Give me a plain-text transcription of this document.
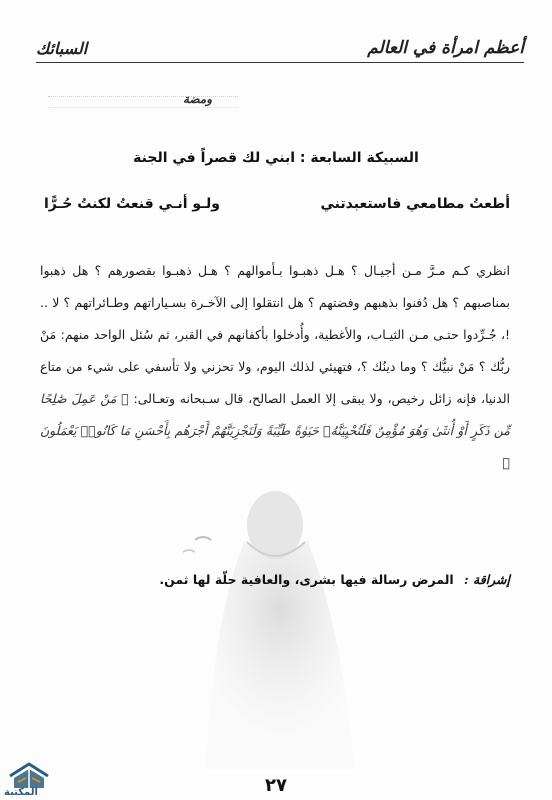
أعظم امرأة في العالم
السبائك
ومضة
السبيكة السابعة : ابني لك قصراً في الجنة
أطعتُ مطامعي فاستعبدتني
ولـو أنـي قنعتُ لكنتُ حُـرًّا
انظري كـم مـرَّ مـن أجيـال ؟ هـل ذهبـوا بـأموالهم ؟ هـل ذهبـوا بقصورهم ؟ هل ذهبوا بمناصبهم ؟ هل دُفنوا بذهبهم وفضتهم ؟ هل انتقلوا إلى الآخـرة بسـياراتهم وطـائراتهم ؟ لا .. !، جُـرِّدوا حتـى مـن الثيـاب، والأغطية، وأُدخلوا بأكفانهم في القبر، ثم سُئل الواحد منهم: مَنْ ربُّك ؟ مَنْ نبيُّك ؟ وما دينُك ؟، فتهيئي لذلك اليوم، ولا تحزني ولا تأسفي على شيء من متاع الدنيا، فإنه زائل رخيص، ولا يبقى إلا العمل الصالح، قال سـبحانه وتعـالى: ﴿ مَنْ عَمِلَ صَٰلِحًا مِّن ذَكَرٍ أَوْ أُنثَىٰ وَهُوَ مُؤْمِنٌ فَلَنُحْيِيَنَّهُۥ حَيَوٰةً طَيِّبَةً وَلَنَجْزِيَنَّهُمْ أَجْرَهُم بِأَحْسَنِ مَا كَانُوا۟ يَعْمَلُونَ ﴾
إشراقة : المرض رسالة فيها بشرى، والعافية حلّة لها ثمن.
المكتبة	٢٧
